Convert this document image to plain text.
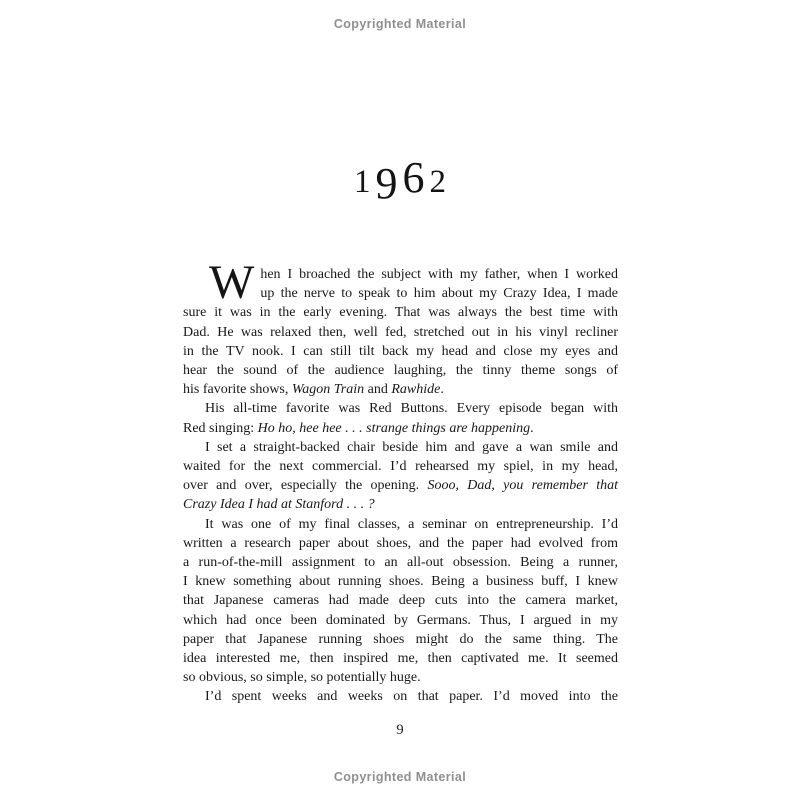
Copyrighted Material
1 9 6 2
W hen I broached the subject with my father, when I worked
up the nerve to speak to him about my Crazy Idea, I made
sure it was in the early evening. That was always the best time with
Dad. He was relaxed then, well fed, stretched out in his vinyl recliner
in the TV nook. I can still tilt back my head and close my eyes and
hear the sound of the audience laughing, the tinny theme songs of
his favorite shows, Wagon Train and Rawhide.
His all-time favorite was Red Buttons. Every episode began with
Red singing: Ho ho, hee hee . . . strange things are happening.
I set a straight-backed chair beside him and gave a wan smile and
waited for the next commercial. I’d rehearsed my spiel, in my head,
over and over, especially the opening. Sooo, Dad, you remember that
Crazy Idea I had at Stanford . . . ?
It was one of my final classes, a seminar on entrepreneurship. I’d
written a research paper about shoes, and the paper had evolved from
a run-of-the-mill assignment to an all-out obsession. Being a runner,
I knew something about running shoes. Being a business buff, I knew
that Japanese cameras had made deep cuts into the camera market,
which had once been dominated by Germans. Thus, I argued in my
paper that Japanese running shoes might do the same thing. The
idea interested me, then inspired me, then captivated me. It seemed
so obvious, so simple, so potentially huge.
I’d spent weeks and weeks on that paper. I’d moved into the
9
Copyrighted Material
